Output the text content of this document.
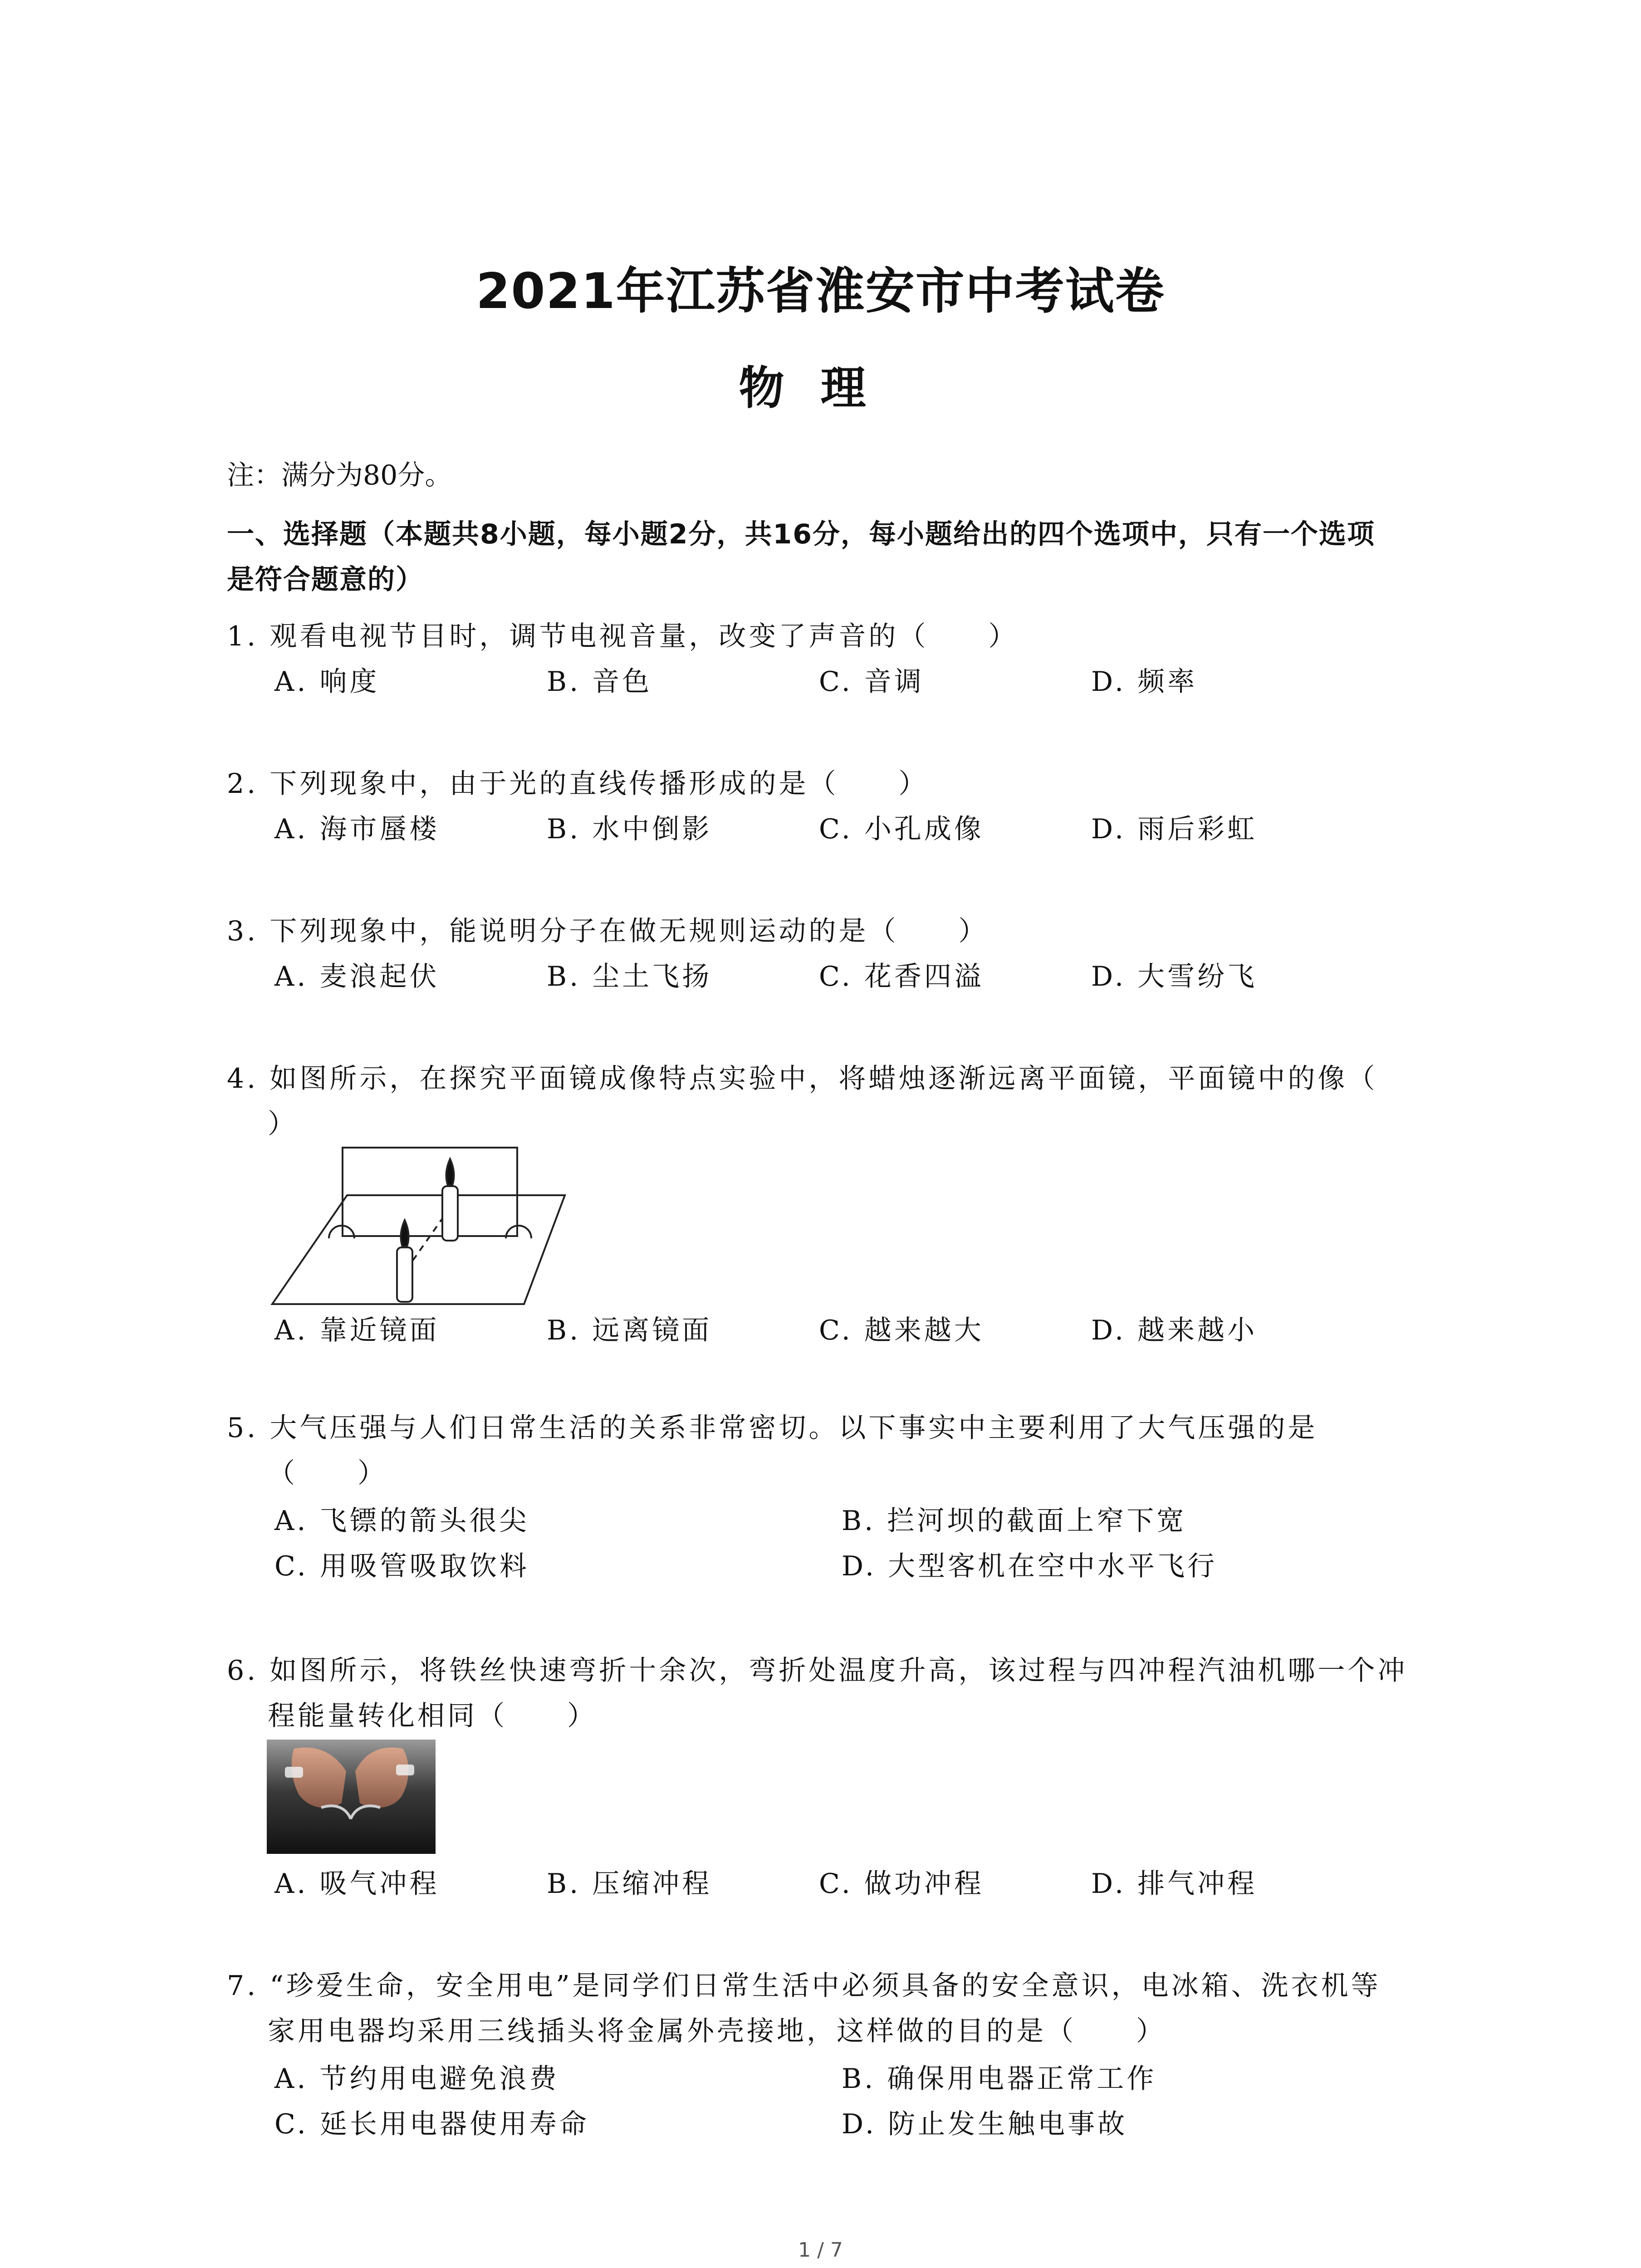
2021年江苏省淮安市中考试卷
物理
注：满分为80分。
一、选择题（本题共8小题，每小题2分，共16分，每小题给出的四个选项中，只有一个选项
是符合题意的）
1. 观看电视节目时，调节电视音量，改变了声音的（　　）
A. 响度	B. 音色	C. 音调	D. 频率
2. 下列现象中，由于光的直线传播形成的是（　　）
A. 海市蜃楼	B. 水中倒影	C. 小孔成像	D. 雨后彩虹
3. 下列现象中，能说明分子在做无规则运动的是（　　）
A. 麦浪起伏	B. 尘土飞扬	C. 花香四溢	D. 大雪纷飞
4. 如图所示，在探究平面镜成像特点实验中，将蜡烛逐渐远离平面镜，平面镜中的像（
）
A. 靠近镜面	B. 远离镜面	C. 越来越大	D. 越来越小
5. 大气压强与人们日常生活的关系非常密切。以下事实中主要利用了大气压强的是
（　　）
A. 飞镖的箭头很尖	B. 拦河坝的截面上窄下宽
C. 用吸管吸取饮料	D. 大型客机在空中水平飞行
6. 如图所示，将铁丝快速弯折十余次，弯折处温度升高，该过程与四冲程汽油机哪一个冲
程能量转化相同（　　）
A. 吸气冲程	B. 压缩冲程	C. 做功冲程	D. 排气冲程
7. “珍爱生命，安全用电”是同学们日常生活中必须具备的安全意识，电冰箱、洗衣机等
家用电器均采用三线插头将金属外壳接地，这样做的目的是（　　）
A. 节约用电避免浪费	B. 确保用电器正常工作
C. 延长用电器使用寿命	D. 防止发生触电事故
1 / 7
